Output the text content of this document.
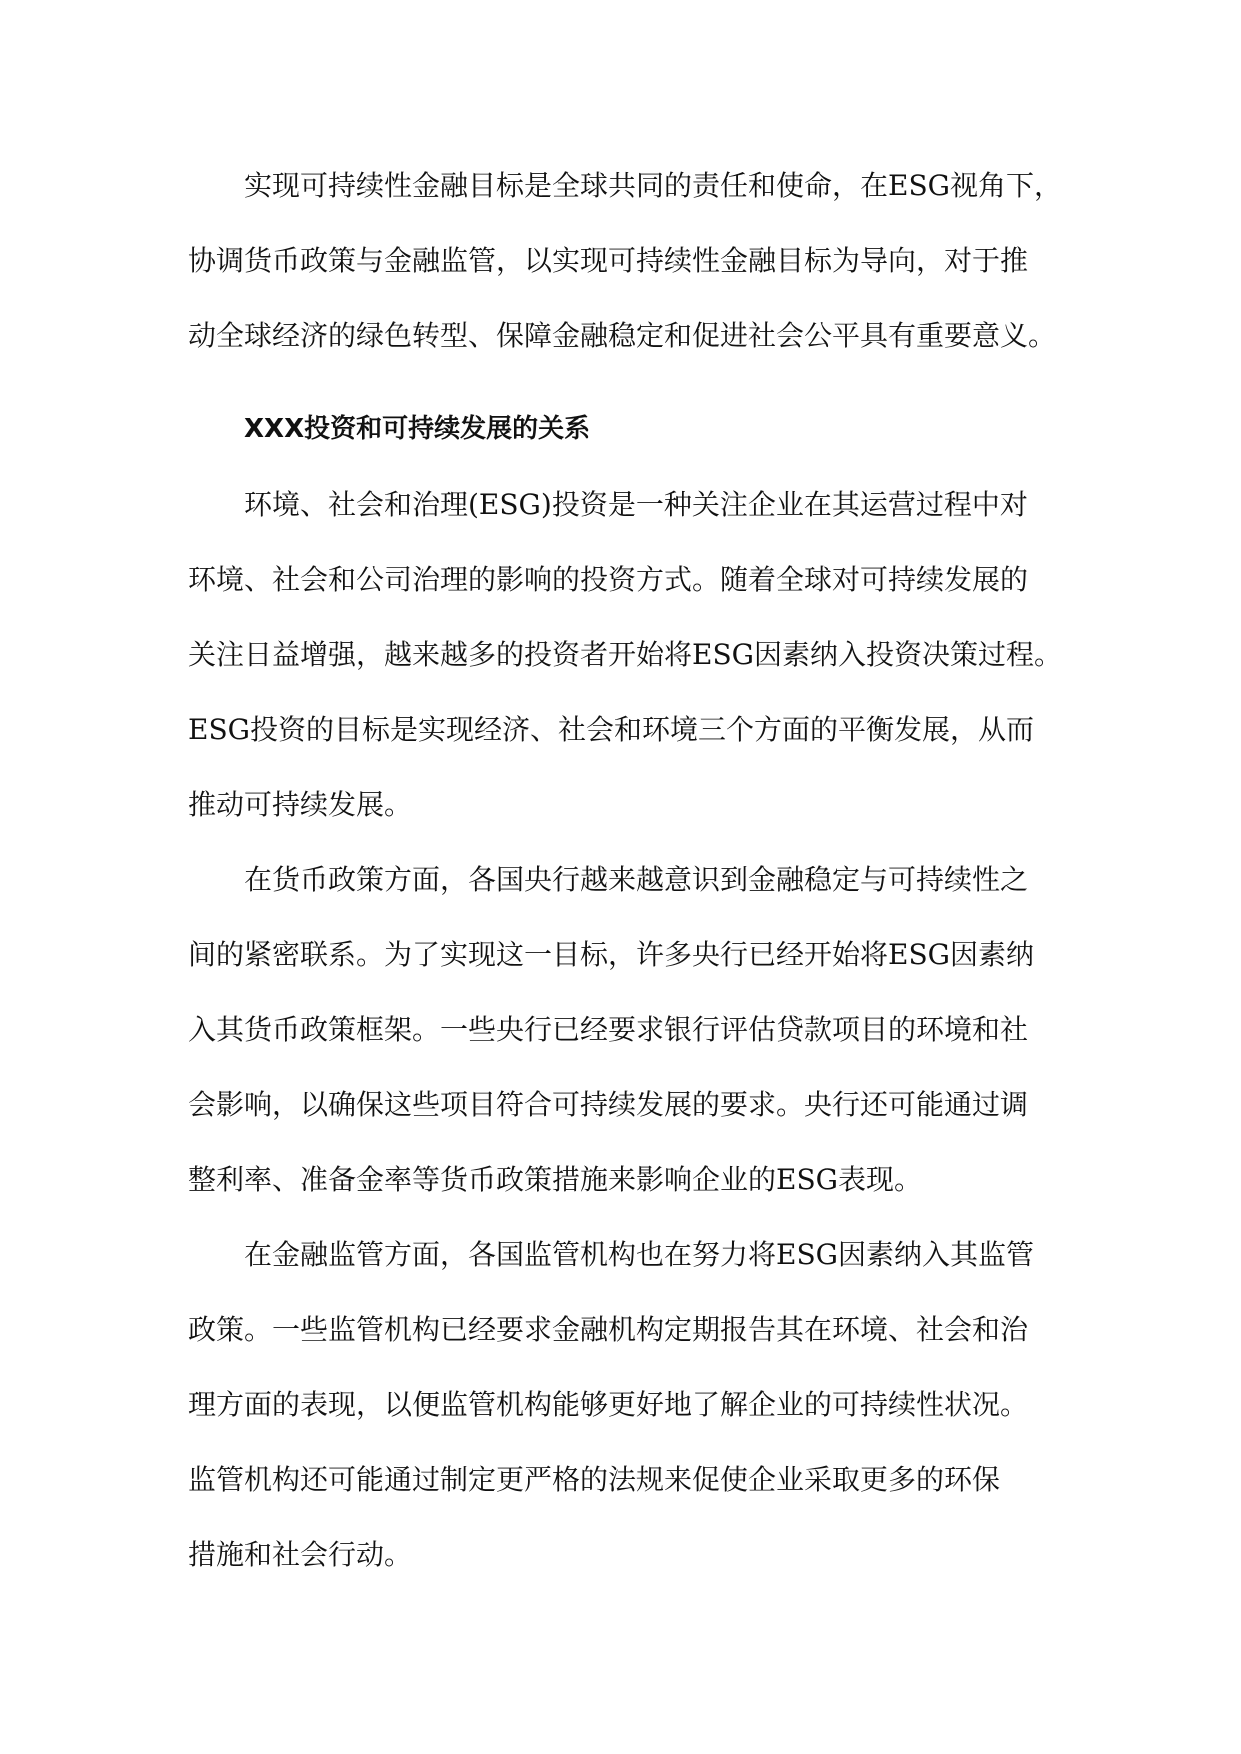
实现可持续性金融目标是全球共同的责任和使命，在ESG视角下，

协调货币政策与金融监管，以实现可持续性金融目标为导向，对于推

动全球经济的绿色转型、保障金融稳定和促进社会公平具有重要意义。

XXX投资和可持续发展的关系

环境、社会和治理(ESG)投资是一种关注企业在其运营过程中对

环境、社会和公司治理的影响的投资方式。随着全球对可持续发展的

关注日益增强，越来越多的投资者开始将ESG因素纳入投资决策过程。

ESG投资的目标是实现经济、社会和环境三个方面的平衡发展，从而

推动可持续发展。

在货币政策方面，各国央行越来越意识到金融稳定与可持续性之

间的紧密联系。为了实现这一目标，许多央行已经开始将ESG因素纳

入其货币政策框架。一些央行已经要求银行评估贷款项目的环境和社

会影响，以确保这些项目符合可持续发展的要求。央行还可能通过调

整利率、准备金率等货币政策措施来影响企业的ESG表现。

在金融监管方面，各国监管机构也在努力将ESG因素纳入其监管

政策。一些监管机构已经要求金融机构定期报告其在环境、社会和治

理方面的表现，以便监管机构能够更好地了解企业的可持续性状况。

监管机构还可能通过制定更严格的法规来促使企业采取更多的环保

措施和社会行动。
